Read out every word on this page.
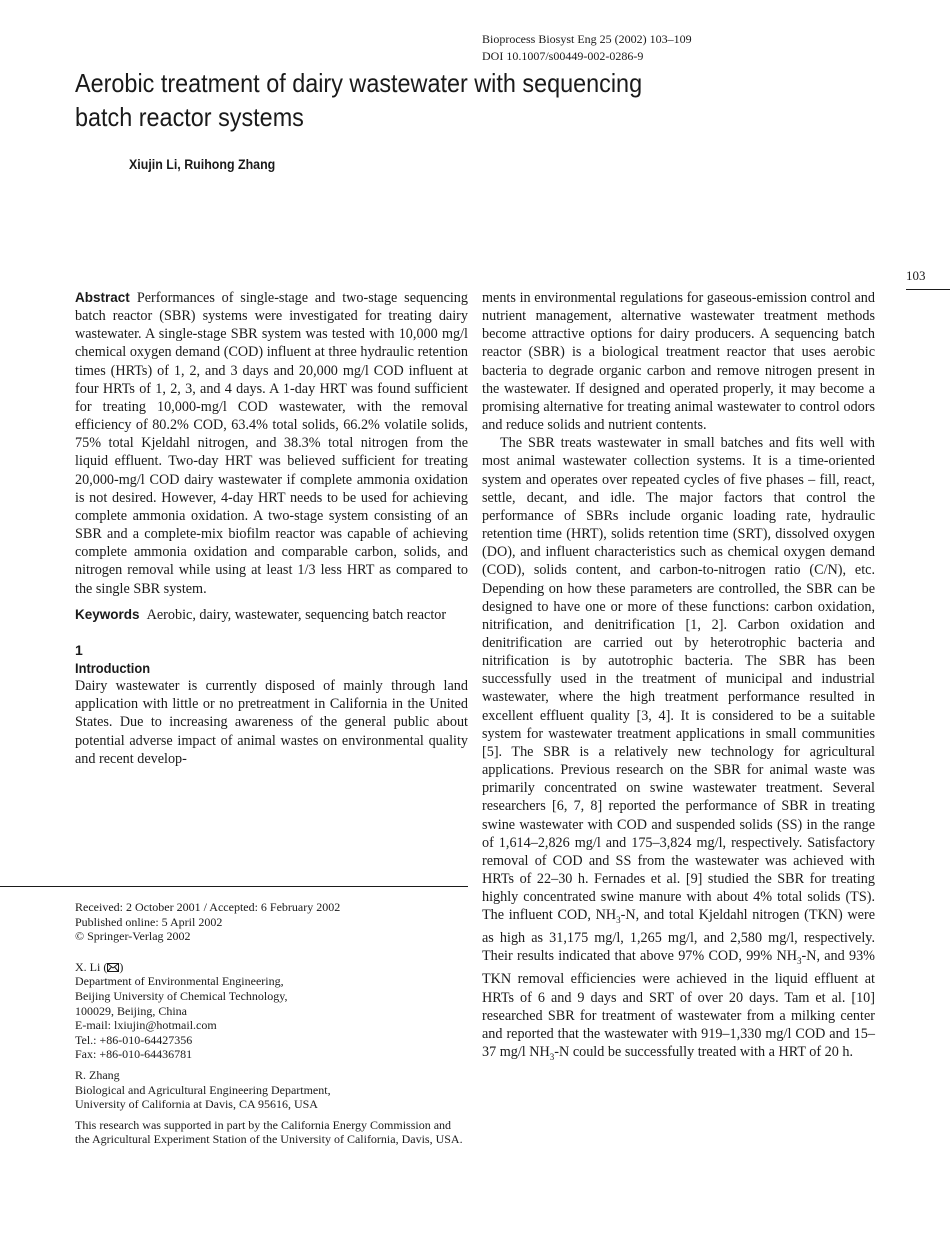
Bioprocess Biosyst Eng 25 (2002) 103–109
DOI 10.1007/s00449-002-0286-9
Aerobic treatment of dairy wastewater with sequencing batch reactor systems
Xiujin Li, Ruihong Zhang
103

Abstract  Performances of single-stage and two-stage sequencing batch reactor (SBR) systems were investigated for treating dairy wastewater. A single-stage SBR system was tested with 10,000 mg/l chemical oxygen demand (COD) influent at three hydraulic retention times (HRTs) of 1, 2, and 3 days and 20,000 mg/l COD influent at four HRTs of 1, 2, 3, and 4 days. A 1-day HRT was found sufficient for treating 10,000-mg/l COD wastewater, with the removal efficiency of 80.2% COD, 63.4% total solids, 66.2% volatile solids, 75% total Kjeldahl nitrogen, and 38.3% total nitrogen from the liquid effluent. Two-day HRT was believed sufficient for treating 20,000-mg/l COD dairy wastewater if complete ammonia oxidation is not desired. However, 4-day HRT needs to be used for achieving complete ammonia oxidation. A two-stage system consisting of an SBR and a complete-mix biofilm reactor was capable of achieving complete ammonia oxidation and comparable carbon, solids, and nitrogen removal while using at least 1/3 less HRT as compared to the single SBR system.

Keywords  Aerobic, dairy, wastewater, sequencing batch reactor

1
Introduction

Dairy wastewater is currently disposed of mainly through land application with little or no pretreatment in California in the United States. Due to increasing awareness of the general public about potential adverse impact of animal wastes on environmental quality and recent develop-

Received: 2 October 2001 / Accepted: 6 February 2002
Published online: 5 April 2002
© Springer-Verlag 2002
X. Li ( )
Department of Environmental Engineering,
Beijing University of Chemical Technology,
100029, Beijing, China
E-mail: lxiujin@hotmail.com
Tel.: +86-010-64427356
Fax: +86-010-64436781
R. Zhang
Biological and Agricultural Engineering Department,
University of California at Davis, CA 95616, USA
This research was supported in part by the California Energy Commission and the Agricultural Experiment Station of the University of California, Davis, USA.

ments in environmental regulations for gaseous-emission control and nutrient management, alternative wastewater treatment methods become attractive options for dairy producers. A sequencing batch reactor (SBR) is a biological treatment reactor that uses aerobic bacteria to degrade organic carbon and remove nitrogen present in the wastewater. If designed and operated properly, it may become a promising alternative for treating animal wastewater to control odors and reduce solids and nutrient contents.

The SBR treats wastewater in small batches and fits well with most animal wastewater collection systems. It is a time-oriented system and operates over repeated cycles of five phases – fill, react, settle, decant, and idle. The major factors that control the performance of SBRs include organic loading rate, hydraulic retention time (HRT), solids retention time (SRT), dissolved oxygen (DO), and influent characteristics such as chemical oxygen demand (COD), solids content, and carbon-to-nitrogen ratio (C/N), etc. Depending on how these parameters are controlled, the SBR can be designed to have one or more of these functions: carbon oxidation, nitrification, and denitrification [1, 2]. Carbon oxidation and denitrification are carried out by heterotrophic bacteria and nitrification is by autotrophic bacteria. The SBR has been successfully used in the treatment of municipal and industrial wastewater, where the high treatment performance resulted in excellent effluent quality [3, 4]. It is considered to be a suitable system for wastewater treatment applications in small communities [5]. The SBR is a relatively new technology for agricultural applications. Previous research on the SBR for animal waste was primarily concentrated on swine wastewater treatment. Several researchers [6, 7, 8] reported the performance of SBR in treating swine wastewater with COD and suspended solids (SS) in the range of 1,614–2,826 mg/l and 175–3,824 mg/l, respectively. Satisfactory removal of COD and SS from the wastewater was achieved with HRTs of 22–30 h. Fernades et al. [9] studied the SBR for treating highly concentrated swine manure with about 4% total solids (TS). The influent COD, $NH_3-N$, and total Kjeldahl nitrogen (TKN) were as high as 31,175 mg/l, 1,265 mg/l, and 2,580 mg/l, respectively. Their results indicated that above 97% COD, 99% $NH_3-N$, and 93% TKN removal efficiencies were achieved in the liquid effluent at HRTs of 6 and 9 days and SRT of over 20 days. Tam et al. [10] researched SBR for treatment of wastewater from a milking center and reported that the wastewater with 919–1,330 mg/l COD and 15–37 mg/l $NH_3-N$ could be successfully treated with a HRT of 20 h.
